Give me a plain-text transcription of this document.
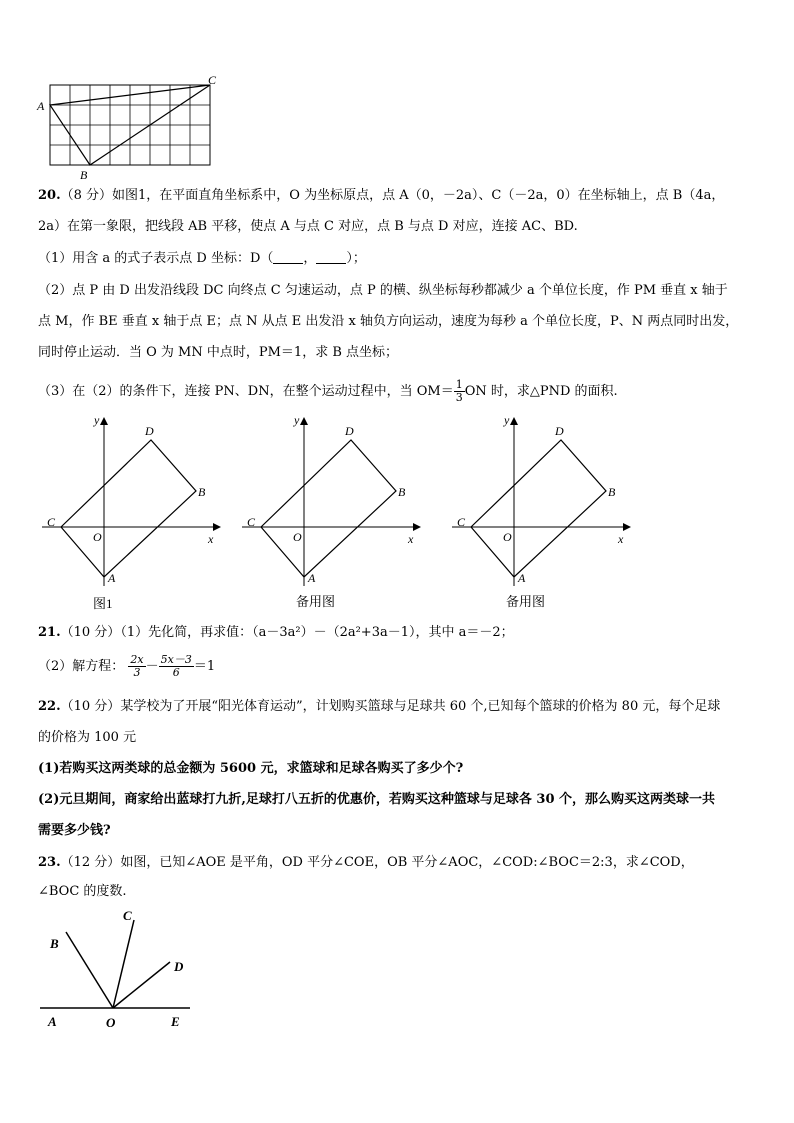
A
C
B
20.（8 分）如图1，在平面直角坐标系中，O 为坐标原点，点 A（0，－2a）、C（－2a，0）在坐标轴上，点 B（4a，
2a）在第一象限，把线段 AB 平移，使点 A 与点 C 对应，点 B 与点 D 对应，连接 AC、BD.
（1）用含 a 的式子表示点 D 坐标：D（ ， ）；
（2）点 P 由 D 出发沿线段 DC 向终点 C 匀速运动，点 P 的横、纵坐标每秒都减少 a 个单位长度，作 PM 垂直 x 轴于
点 M，作 BE 垂直 x 轴于点 E；点 N 从点 E 出发沿 x 轴负方向运动，速度为每秒 a 个单位长度，P、N 两点同时出发，
同时停止运动．当 O 为 MN 中点时，PM＝1，求 B 点坐标；
（3）在（2）的条件下，连接 PN、DN，在整个运动过程中，当 $OM= \frac{1}{3}$ ON 时，求△PND 的面积.
y
x
O
C
A
B
D
图1
y
x
O
C
A
B
D
备用图
y
x
O
C
A
B
D
备用图
21.（10 分）（1）先化简，再求值：（a－3a²）－（2a²+3a－1），其中 a＝－2；
（2）解方程： $\frac{2x}{3} - \frac{5x-3}{6} =1$
22.（10 分）某学校为了开展“阳光体育运动”，计划购买篮球与足球共 60 个,已知每个篮球的价格为 80 元，每个足球
的价格为 100 元
(1)若购买这两类球的总金额为 5600 元，求篮球和足球各购买了多少个?
(2)元旦期间，商家给出蓝球打九折,足球打八五折的优惠价，若购买这种篮球与足球各 30 个，那么购买这两类球一共
需要多少钱?
23.（12 分）如图，已知∠AOE 是平角，OD 平分∠COE，OB 平分∠AOC，∠COD:∠BOC＝2:3，求∠COD，
∠BOC 的度数.
A	O	E
B
C
D
